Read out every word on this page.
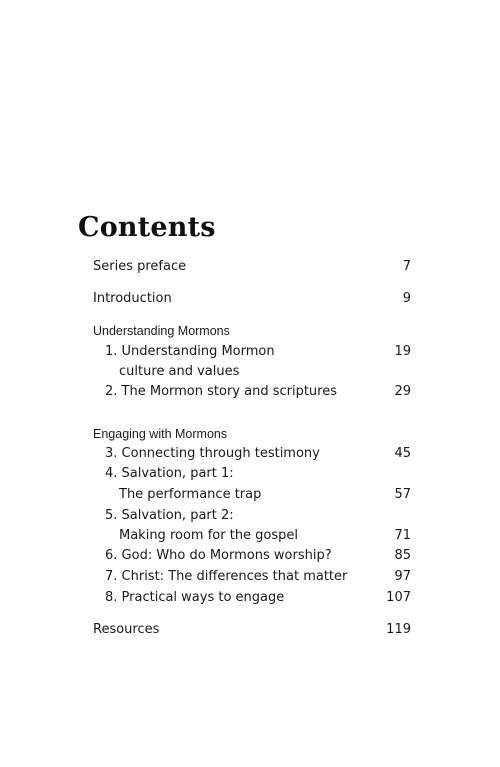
Contents
Series preface	7
Introduction	9
Understanding Mormons
1. Understanding Mormon	19
culture and values
2. The Mormon story and scriptures	29
Engaging with Mormons
3. Connecting through testimony	45
4. Salvation, part 1:
The performance trap	57
5. Salvation, part 2:
Making room for the gospel	71
6. God: Who do Mormons worship?	85
7. Christ: The differences that matter	97
8. Practical ways to engage	107
Resources	119
